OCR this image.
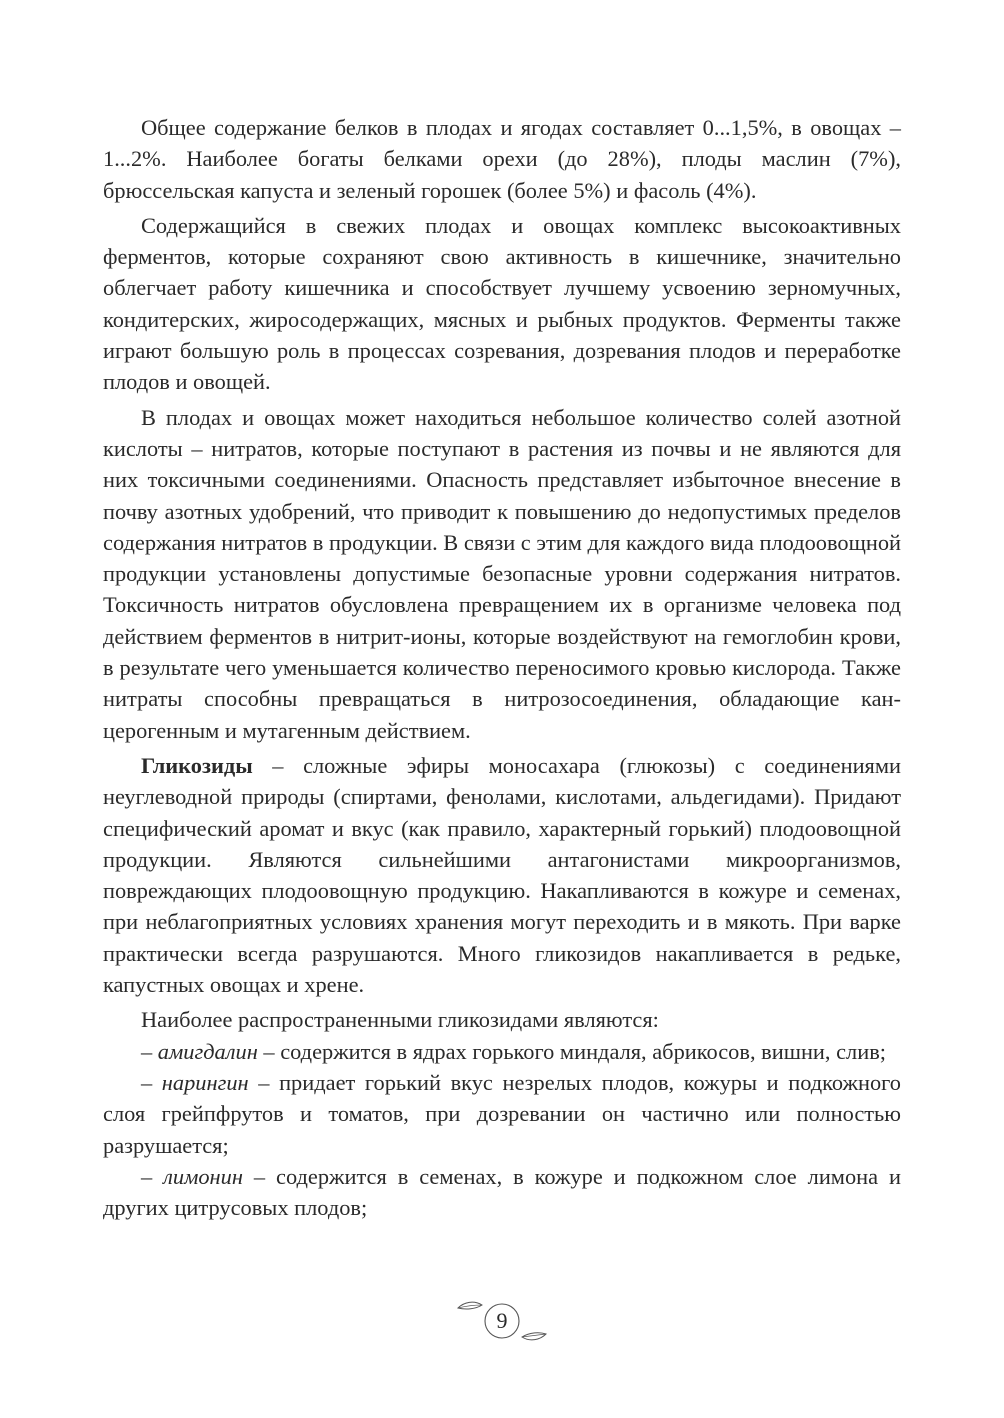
Общее содержание белков в плодах и ягодах составляет 0...1,5%, в овощах – 1...2%. Наиболее богаты белками орехи (до 28%), плоды маслин (7%), брюссельская капуста и зеленый горошек (более 5%) и фасоль (4%).

Содержащийся в свежих плодах и овощах комплекс высокоактивных ферментов, которые сохраняют свою активность в кишечнике, значительно облегчает работу кишечника и способствует лучшему усвоению зерномучных, кондитерских, жиросодержащих, мясных и рыбных продуктов. Ферменты также играют большую роль в процессах созревания, дозревания плодов и переработке плодов и овощей.

В плодах и овощах может находиться небольшое количество солей азотной кислоты – нитратов, которые поступают в растения из почвы и не являются для них токсичными соединениями. Опасность представляет избыточное внесение в почву азотных удобрений, что приводит к повышению до недопустимых пределов содержания нитратов в продукции. В связи с этим для каждого вида плодоовощной продукции установлены допустимые безопасные уровни содержания нитратов. Токсичность нитратов обусловлена превращением их в организме человека под действием ферментов в нитрит-ионы, которые воздействуют на гемоглобин крови, в результате чего уменьшается количество переносимого кровью кислорода. Также нитраты способны превращаться в нитрозосоединения, обладающие канцерогенным и мутагенным действием.

Гликозиды – сложные эфиры моносахара (глюкозы) с соединениями неуглеводной природы (спиртами, фенолами, кислотами, альдегидами). Придают специфический аромат и вкус (как правило, характерный горький) плодоовощной продукции. Являются сильнейшими антагонистами микроорганизмов, повреждающих плодоовощную продукцию. Накапливаются в кожуре и семенах, при неблагоприятных условиях хранения могут переходить и в мякоть. При варке практически всегда разрушаются. Много гликозидов накапливается в редьке, капустных овощах и хрене.

Наиболее распространенными гликозидами являются:

– амигдалин – содержится в ядрах горького миндаля, абрикосов, вишни, слив;

– нарингин – придает горький вкус незрелых плодов, кожуры и подкожного слоя грейпфрутов и томатов, при дозревании он частично или полностью разрушается;

– лимонин – содержится в семенах, в кожуре и подкожном слое лимона и других цитрусовых плодов;

9
